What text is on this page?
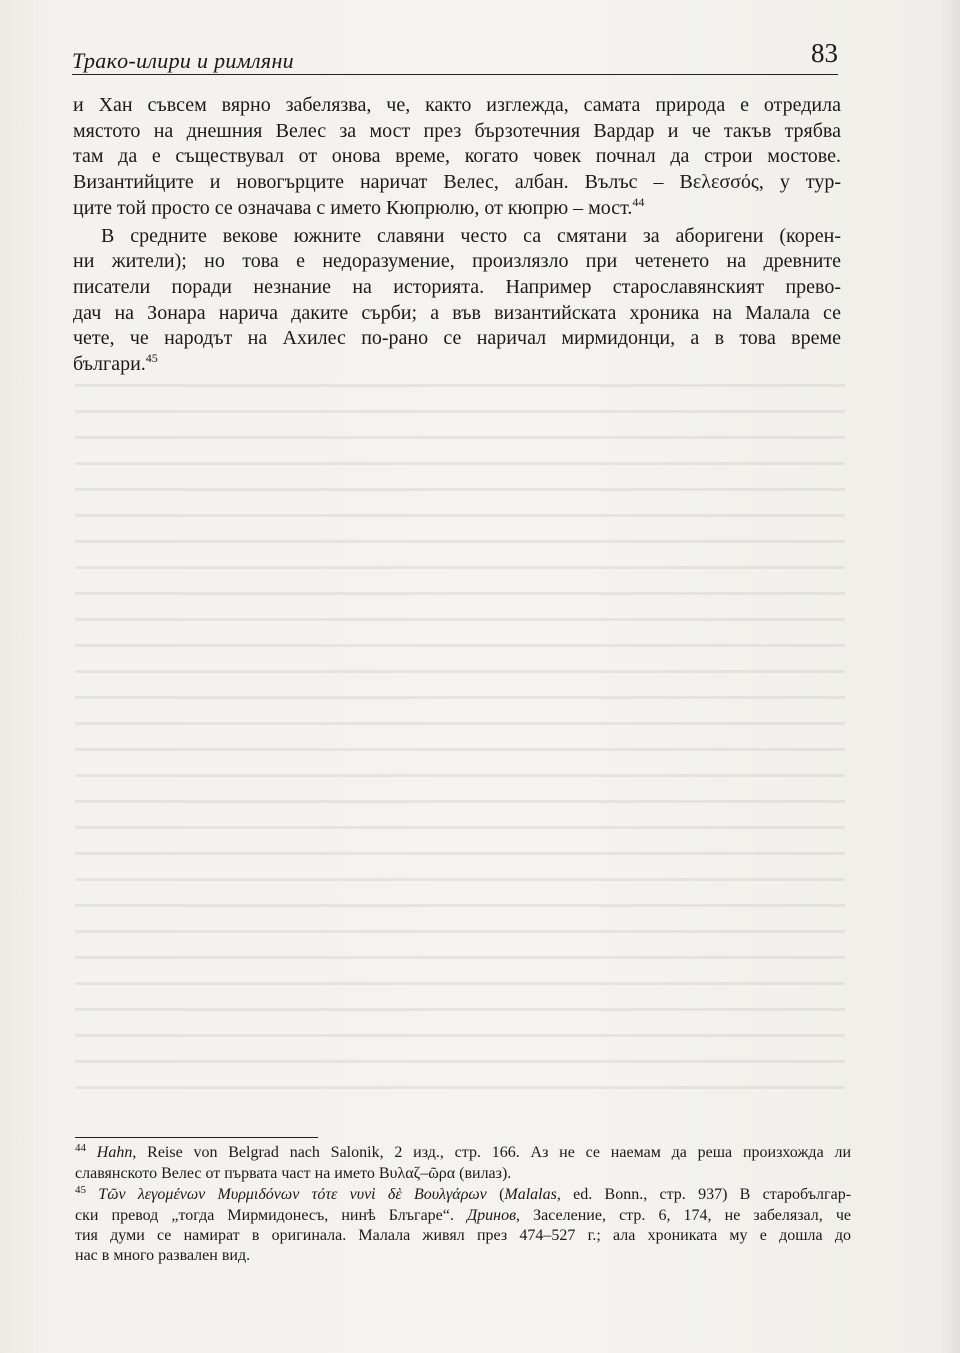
Тракo-илири и римляни	83
и Хан съвсем вярно забелязва, че, както изглежда, самата природа е отредила
мястото на днешния Велес за мост през бързотечния Вардар и че такъв трябва
там да е съществувал от онова време, когато човек почнал да строи мостове.
Византийците и новогърците наричат Велес, албан. Вълъс – Βελεσσός, у тур-
ците той просто се означава с името Кюпрюлю, от кюпрю – мост.$^{44}$
В средните векове южните славяни често са смятани за аборигени (корен-
ни жители); но това е недоразумение, произлязло при четенето на древните
писатели поради незнание на историята. Например старославянският прево-
дач на Зонара нарича даките сърби; а във византийската хроника на Малала се
чете, че народът на Ахилес по-рано се наричал мирмидонци, а в това време
българи.$^{45}$
$^{44}$ Hahn, Reise von Belgrad nach Salonik, 2 изд., стр. 166. Аз не се наемам да реша произхожда ли
славянското Велес от първата част на името Βυλαζ–ῶρα (вилаз).
$^{45}$ Τῶν λεγομένων Μυρμιδόνων τότε νυνὶ δὲ Βουλγάρων (Malalas, ed. Bonn., стр. 937) В старобългар-
ски превод „тогда Мирмидонесъ, нинѣ Блъгаре“. Дринов, Заселение, стр. 6, 174, не забелязал, че
тия думи се намират в оригинала. Малала живял през 474–527 г.; ала хрониката му е дошла до
нас в много развален вид.
